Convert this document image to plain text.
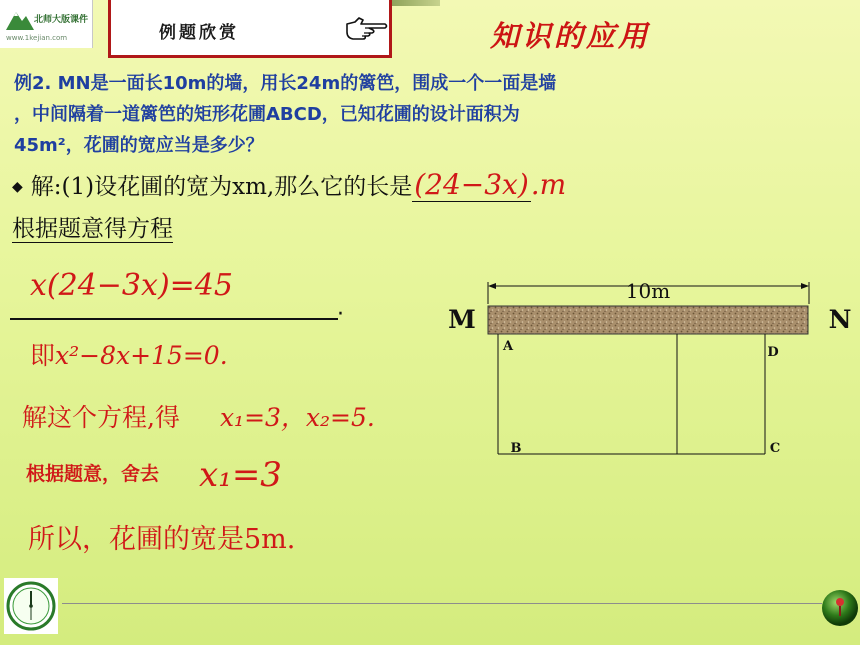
北师大版课件
www.1kejian.com	例题欣赏	知识的应用
例2. MN是一面长10m的墙，用长24m的篱笆，围成一个一面是墙
，中间隔着一道篱笆的矩形花圃ABCD，已知花圃的设计面积为
45m²，花圃的宽应当是多少？
◆ 解:(1)设花圃的宽为xm,那么它的长是(24−3x).m
根据题意得方程
x(24−3x)=45
·
即x²−8x+15=0.
解这个方程,得 x₁=3，x₂=5.
根据题意，舍去 x₁=3
所以，花圃的宽是5m.
10m
M	N
A	D
B	C
